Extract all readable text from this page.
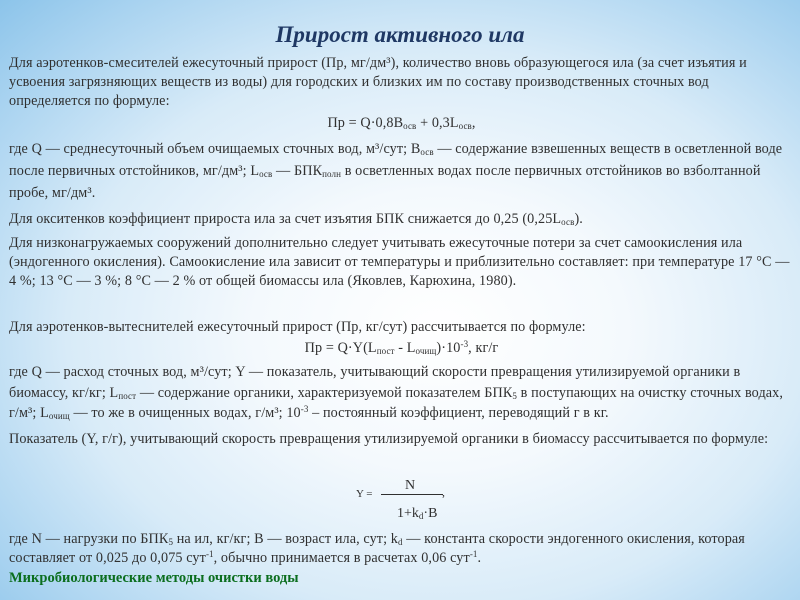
Прирост активного ила

Для аэротенков-смесителей ежесуточный прирост (Пр, мг/дм³), количество вновь образующегося ила (за счет изъятия и усвоения загрязняющих веществ из воды) для городских и близких им по составу производственных сточных вод определяется по формуле:

Пр = $Q\cdot 0,8B_{осв} + 0,3L_{осв}$,

где Q — среднесуточный объем очищаемых сточных вод, м³/сут; $B_{осв}$ — содержание взвешенных веществ в осветленной воде после первичных отстойников, мг/дм³; $L_{осв}$ — $БПК_{полн}$ в осветленных водах после первичных отстойников во взболтанной пробе, мг/дм³.

Для окситенков коэффициент прироста ила за счет изъятия БПК снижается до 0,25 $(0,25L_{осв})$.

Для низконагружаемых сооружений дополнительно следует учитывать ежесуточные потери за счет самоокисления ила (эндогенного окисления). Самоокисление ила зависит от температуры и приблизительно составляет: при температуре 17 °С — 4 %; 13 °С — 3 %; 8 °С — 2 % от общей биомассы ила (Яковлев, Карюхина, 1980).

Для аэротенков-вытеснителей ежесуточный прирост (Пр, кг/сут) рассчитывается по формуле:

Пр = $Q\cdot Y(L_{пост} - L_{очищ})\cdot 10^{-3}$, кг/г

где Q — расход сточных вод, м³/сут; Y — показатель, учитывающий скорости превращения утилизируемой органики в биомассу, кг/кг; $L_{пост}$ — содержание органики, характеризуемой показателем $БПК_5$ в поступающих на очистку сточных водах, г/м³; $L_{очищ}$ — то же в очищенных водах, г/м³; $10^{-3}$ – постоянный коэффициент, переводящий г в кг.

Показатель (Y, г/г), учитывающий скорость превращения утилизируемой органики в биомассу рассчитывается по формуле:

Y =
N ,
$1+k_d\cdot B$

где N — нагрузки по $БПК_5$ на ил, кг/кг; B — возраст ила, сут; $k_d$ — константа скорости эндогенного окисления, которая составляет от 0,025 до 0,075 сут$^{-1}$, обычно принимается в расчетах 0,06 сут$^{-1}$.

Микробиологические методы очистки воды
